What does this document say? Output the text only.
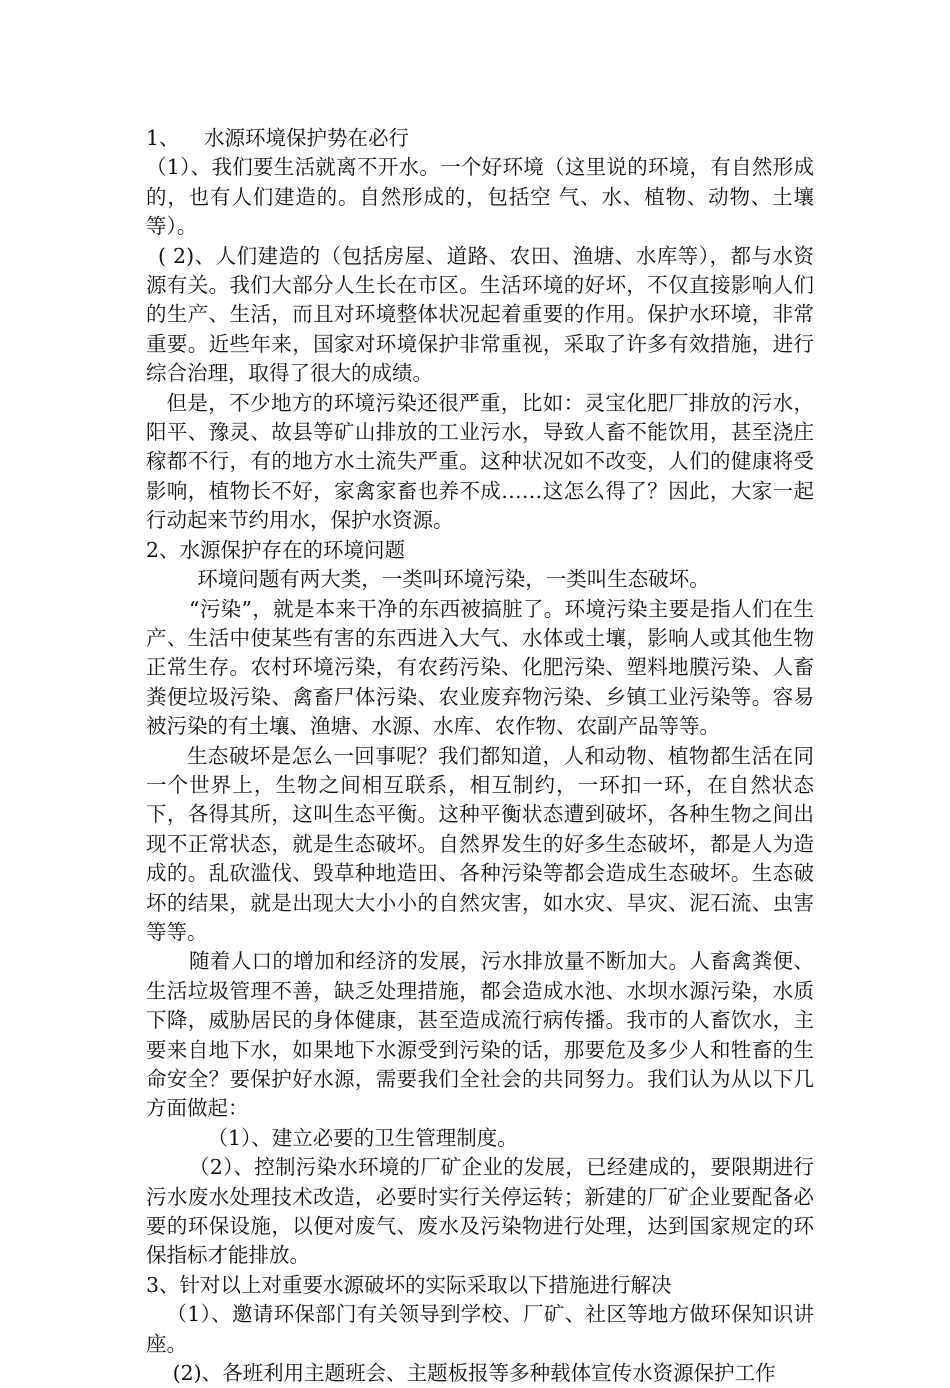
1、 水源环境保护势在必行

（1）、我们要生活就离不开水。一个好环境（这里说的环境，有自然形成的，也有人们建造的。自然形成的，包括空 气、水、植物、动物、土壤等）。

( 2)、人们建造的（包括房屋、道路、农田、渔塘、水库等），都与水资源有关。我们大部分人生长在市区。生活环境的好坏，不仅直接影响人们的生产、生活，而且对环境整体状况起着重要的作用。保护水环境，非常重要。近些年来，国家对环境保护非常重视，采取了许多有效措施，进行综合治理，取得了很大的成绩。

但是，不少地方的环境污染还很严重，比如：灵宝化肥厂排放的污水，阳平、豫灵、故县等矿山排放的工业污水，导致人畜不能饮用，甚至浇庄稼都不行，有的地方水土流失严重。这种状况如不改变，人们的健康将受影响，植物长不好，家禽家畜也养不成……这怎么得了？因此，大家一起行动起来节约用水，保护水资源。

2、水源保护存在的环境问题

环境问题有两大类，一类叫环境污染，一类叫生态破坏。

“污染”，就是本来干净的东西被搞脏了。环境污染主要是指人们在生产、生活中使某些有害的东西进入大气、水体或土壤，影响人或其他生物正常生存。农村环境污染，有农药污染、化肥污染、塑料地膜污染、人畜粪便垃圾污染、禽畜尸体污染、农业废弃物污染、乡镇工业污染等。容易被污染的有土壤、渔塘、水源、水库、农作物、农副产品等等。

生态破坏是怎么一回事呢？我们都知道，人和动物、植物都生活在同一个世界上，生物之间相互联系，相互制约，一环扣一环，在自然状态下，各得其所，这叫生态平衡。这种平衡状态遭到破坏，各种生物之间出现不正常状态，就是生态破坏。自然界发生的好多生态破坏，都是人为造成的。乱砍滥伐、毁草种地造田、各种污染等都会造成生态破坏。生态破坏的结果，就是出现大大小小的自然灾害，如水灾、旱灾、泥石流、虫害等等。

随着人口的增加和经济的发展，污水排放量不断加大。人畜禽粪便、生活垃圾管理不善，缺乏处理措施，都会造成水池、水坝水源污染，水质下降，威胁居民的身体健康，甚至造成流行病传播。我市的人畜饮水，主要来自地下水，如果地下水源受到污染的话，那要危及多少人和牲畜的生命安全？要保护好水源，需要我们全社会的共同努力。我们认为从以下几方面做起：

（1）、建立必要的卫生管理制度。

（2）、控制污染水环境的厂矿企业的发展，已经建成的，要限期进行污水废水处理技术改造，必要时实行关停运转；新建的厂矿企业要配备必要的环保设施，以便对废气、废水及污染物进行处理，达到国家规定的环保指标才能排放。

3、针对以上对重要水源破坏的实际采取以下措施进行解决

（1）、邀请环保部门有关领导到学校、厂矿、社区等地方做环保知识讲座。

(2)、各班利用主题班会、主题板报等多种载体宣传水资源保护工作
